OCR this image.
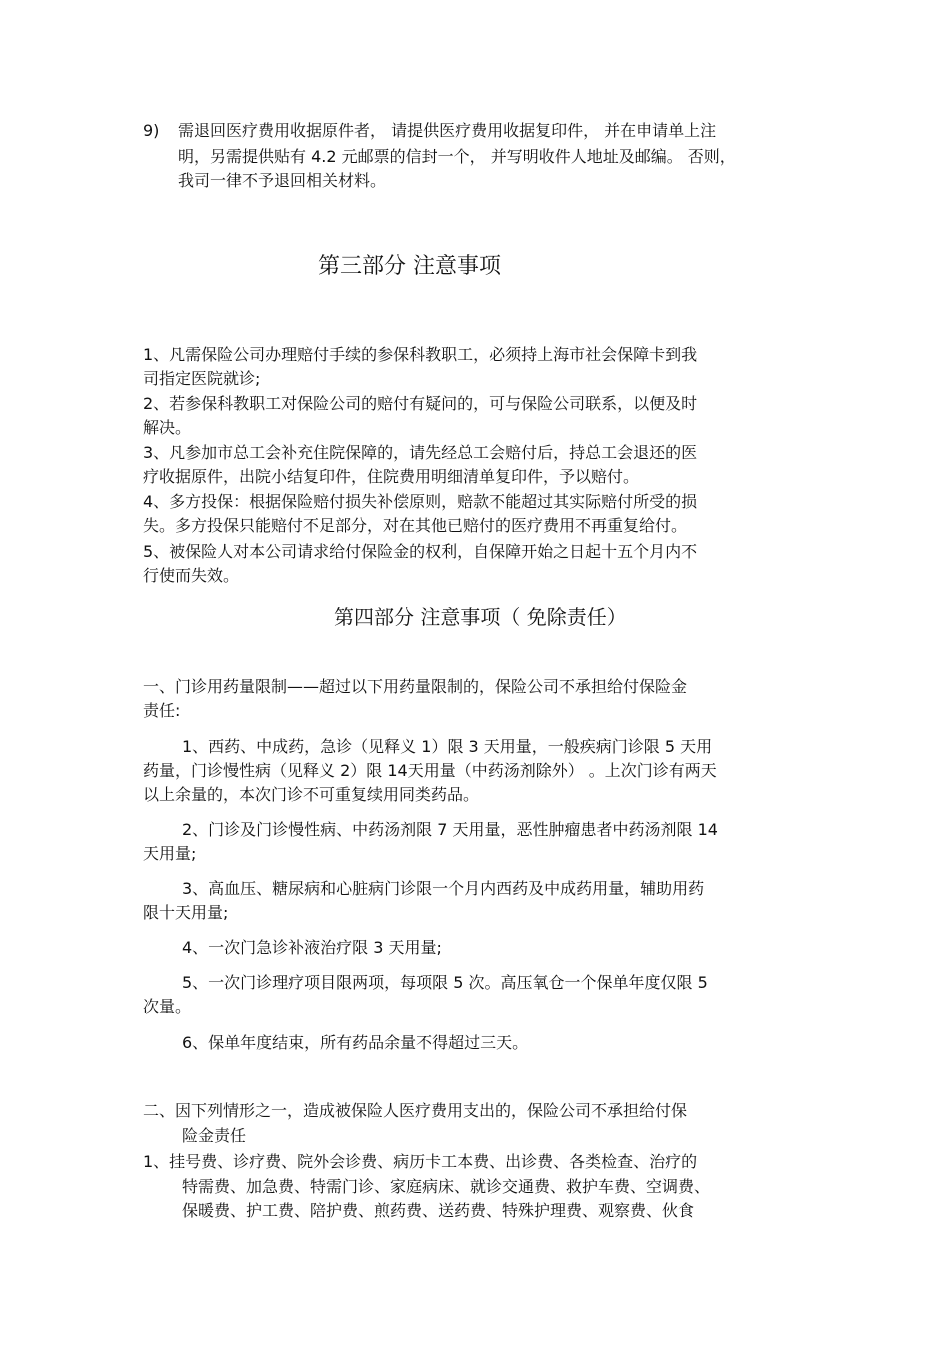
9) 需退回医疗费用收据原件者， 请提供医疗费用收据复印件， 并在申请单上注
明，另需提供贴有 4.2 元邮票的信封一个， 并写明收件人地址及邮编。 否则，
我司一律不予退回相关材料。
第三部分 注意事项
1、凡需保险公司办理赔付手续的参保科教职工，必须持上海市社会保障卡到我
司指定医院就诊;
2、若参保科教职工对保险公司的赔付有疑问的，可与保险公司联系，以便及时
解决。
3、凡参加市总工会补充住院保障的，请先经总工会赔付后，持总工会退还的医
疗收据原件，出院小结复印件，住院费用明细清单复印件，予以赔付。
4、多方投保：根据保险赔付损失补偿原则，赔款不能超过其实际赔付所受的损
失。多方投保只能赔付不足部分，对在其他已赔付的医疗费用不再重复给付。
5、被保险人对本公司请求给付保险金的权利，自保障开始之日起十五个月内不
行使而失效。
第四部分 注意事项（ 免除责任）
一、门诊用药量限制——超过以下用药量限制的，保险公司不承担给付保险金
责任:
1、西药、中成药，急诊（见释义 1）限 3 天用量，一般疾病门诊限 5 天用
药量，门诊慢性病（见释义 2）限 14天用量（中药汤剂除外） 。上次门诊有两天
以上余量的，本次门诊不可重复续用同类药品。
2、门诊及门诊慢性病、中药汤剂限 7 天用量，恶性肿瘤患者中药汤剂限 14
天用量;
3、高血压、糖尿病和心脏病门诊限一个月内西药及中成药用量，辅助用药
限十天用量;
4、一次门急诊补液治疗限 3 天用量;
5、一次门诊理疗项目限两项，每项限 5 次。高压氧仓一个保单年度仅限 5
次量。
6、保单年度结束，所有药品余量不得超过三天。
二、因下列情形之一，造成被保险人医疗费用支出的，保险公司不承担给付保
险金责任
1、挂号费、诊疗费、院外会诊费、病历卡工本费、出诊费、各类检查、治疗的
特需费、加急费、特需门诊、家庭病床、就诊交通费、救护车费、空调费、
保暖费、护工费、陪护费、煎药费、送药费、特殊护理费、观察费、伙食
